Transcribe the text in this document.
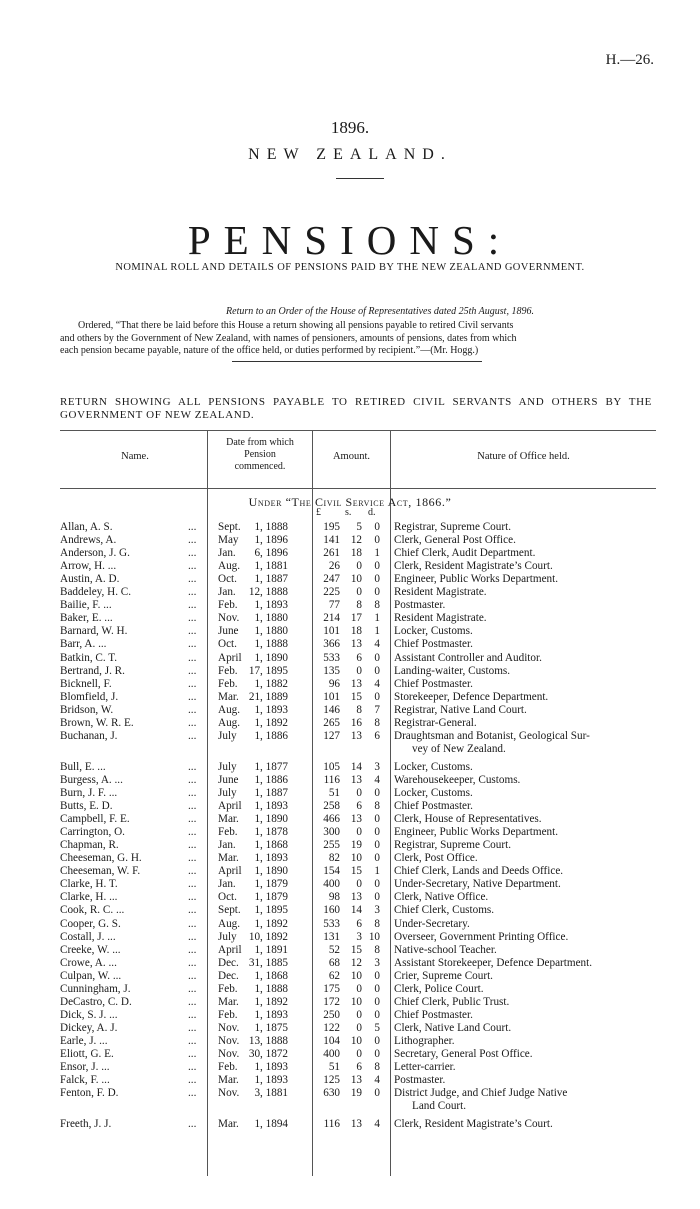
H.—26.
1896.
NEW ZEALAND.
PENSIONS:
NOMINAL ROLL AND DETAILS OF PENSIONS PAID BY THE NEW ZEALAND GOVERNMENT.
Return to an Order of the House of Representatives dated 25th August, 1896.
Ordered, “That there be laid before this House a return showing all pensions payable to retired Civil servants
and others by the Government of New Zealand, with names of pensioners, amounts of pensions, dates from which
each pension became payable, nature of the office held, or duties performed by recipient.”—(Mr. Hogg.)
RETURN SHOWING ALL PENSIONS PAYABLE TO RETIRED CIVIL SERVANTS AND OTHERS BY THE GOVERNMENT OF NEW ZEALAND.
Name.
Date from which
Pension
commenced.
Amount.	Nature of Office held.
Under “The Civil Service Act, 1866.”
£ s. d.
Allan, A. S.	... Sept.	1, 1888	195	5	0 Registrar, Supreme Court.
Andrews, A.	... May	1, 1896	141 12	0 Clerk, General Post Office.
Anderson, J. G.	... Jan.	6, 1896	261 18	1 Chief Clerk, Audit Department.
Arrow, H. ...	... Aug.	1, 1881	26	0	0 Clerk, Resident Magistrate’s Court.
Austin, A. D.	... Oct.	1, 1887	247 10	0 Engineer, Public Works Department.
Baddeley, H. C.	... Jan.	12, 1888	225	0	0 Resident Magistrate.
Bailie, F. ...	... Feb.	1, 1893	77	8	8 Postmaster.
Baker, E. ...	... Nov.	1, 1880	214 17	1 Resident Magistrate.
Barnard, W. H.	... June	1, 1880	101 18	1 Locker, Customs.
Barr, A. ...	... Oct.	1, 1888	366 13	4 Chief Postmaster.
Batkin, C. T.	... April	1, 1890	533	6	0 Assistant Controller and Auditor.
Bertrand, J. R.	... Feb.	17, 1895	135	0	0 Landing-waiter, Customs.
Bicknell, F.	... Feb.	1, 1882	96 13	4 Chief Postmaster.
Blomfield, J.	... Mar. 21, 1889	101 15	0 Storekeeper, Defence Department.
Bridson, W.	... Aug.	1, 1893	146	8	7 Registrar, Native Land Court.
Brown, W. R. E.	... Aug.	1, 1892	265 16	8 Registrar-General.
Buchanan, J.	... July	1, 1886	127 13	6 Draughtsman and Botanist, Geological Sur-
vey of New Zealand.
Bull, E. ...	... July	1, 1877	105 14	3 Locker, Customs.
Burgess, A. ...	... June	1, 1886	116 13	4 Warehousekeeper, Customs.
Burn, J. F. ...	... July	1, 1887	51	0	0 Locker, Customs.
Butts, E. D.	... April	1, 1893	258	6	8 Chief Postmaster.
Campbell, F. E.	... Mar.	1, 1890	466 13	0 Clerk, House of Representatives.
Carrington, O.	... Feb.	1, 1878	300	0	0 Engineer, Public Works Department.
Chapman, R.	... Jan.	1, 1868	255 19	0 Registrar, Supreme Court.
Cheeseman, G. H.	... Mar.	1, 1893	82 10	0 Clerk, Post Office.
Cheeseman, W. F.	... April	1, 1890	154 15	1 Chief Clerk, Lands and Deeds Office.
Clarke, H. T.	... Jan.	1, 1879	400	0	0 Under-Secretary, Native Department.
Clarke, H. ...	... Oct.	1, 1879	98 13	0 Clerk, Native Office.
Cook, R. C. ...	... Sept.	1, 1895	160 14	3 Chief Clerk, Customs.
Cooper, G. S.	... Aug.	1, 1892	533	6	8 Under-Secretary.
Costall, J. ...	... July	10, 1892	131	3 10 Overseer, Government Printing Office.
Creeke, W. ...	... April	1, 1891	52 15	8 Native-school Teacher.
Crowe, A. ...	... Dec. 31, 1885	68 12	3 Assistant Storekeeper, Defence Department.
Culpan, W. ...	... Dec.	1, 1868	62 10	0 Crier, Supreme Court.
Cunningham, J.	... Feb.	1, 1888	175	0	0 Clerk, Police Court.
DeCastro, C. D.	... Mar.	1, 1892	172 10	0 Chief Clerk, Public Trust.
Dick, S. J. ...	... Feb.	1, 1893	250	0	0 Chief Postmaster.
Dickey, A. J.	... Nov.	1, 1875	122	0	5 Clerk, Native Land Court.
Earle, J. ...	... Nov. 13, 1888	104 10	0 Lithographer.
Eliott, G. E.	... Nov. 30, 1872	400	0	0 Secretary, General Post Office.
Ensor, J. ...	... Feb.	1, 1893	51	6	8 Letter-carrier.
Falck, F. ...	... Mar.	1, 1893	125 13	4 Postmaster.
Fenton, F. D.	... Nov.	3, 1881	630 19	0 District Judge, and Chief Judge Native
Land Court.
Freeth, J. J.	... Mar.	1, 1894	116 13	4 Clerk, Resident Magistrate’s Court.
